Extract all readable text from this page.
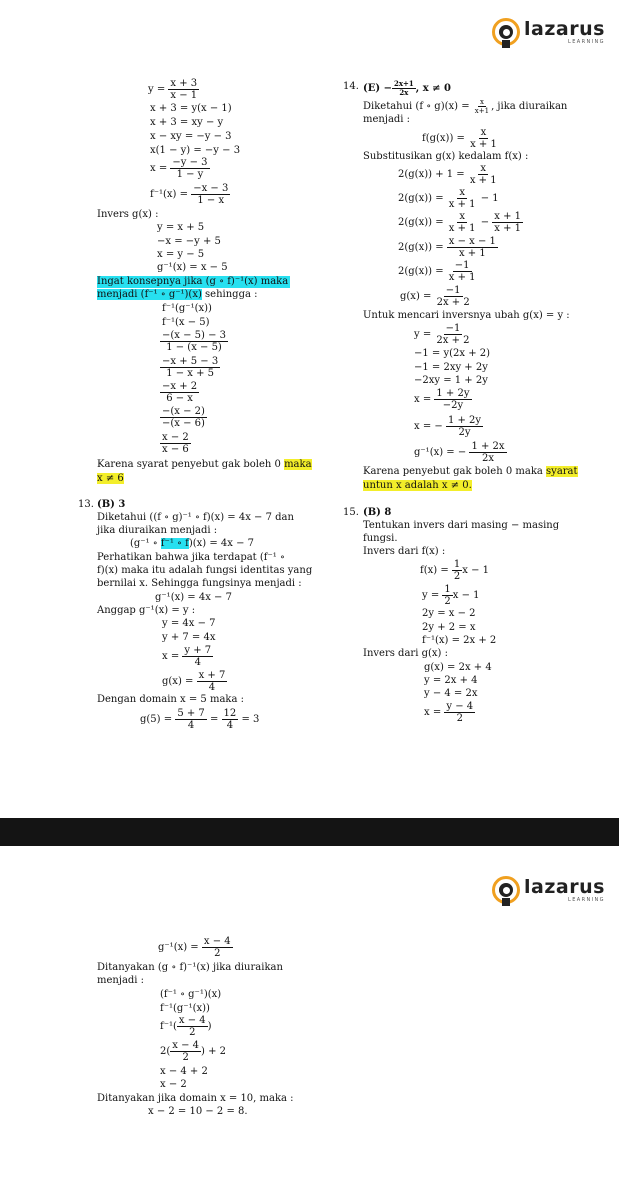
lazarus
LEARNING
$y = \frac{x + 3}{x - 1}$
x + 3 = y(x − 1)
x + 3 = xy − y
x − xy = −y − 3
x(1 − y) = −y − 3
$x = \frac{-y - 3}{1 - y}$
$f^{-1}(x) = \frac{-x - 3}{1 - x}$
Invers g(x) :
y = x + 5
−x = −y + 5
x = y − 5
g⁻¹(x) = x − 5
Ingat konsepnya jika (g ∘ f)⁻¹(x) maka
menjadi (f⁻¹ ∘ g⁻¹)(x) sehingga :
f⁻¹(g⁻¹(x))
f⁻¹(x − 5)
$\frac{-(x - 5) - 3}{1 - (x - 5)}$
$\frac{-x + 5 - 3}{1 - x + 5}$
$\frac{-x + 2}{6 - x}$
$\frac{-(x - 2)}{-(x - 6)}$
$\frac{x - 2}{x - 6}$
Karena syarat penyebut gak boleh 0 maka
x ≠ 6
13. (B) 3
Diketahui ((f ∘ g)⁻¹ ∘ f)(x) = 4x − 7 dan
jika diuraikan menjadi :
(g⁻¹ ∘ f⁻¹ ∘ f)(x) = 4x − 7
Perhatikan bahwa jika terdapat (f⁻¹ ∘
f)(x) maka itu adalah fungsi identitas yang
bernilai x. Sehingga fungsinya menjadi :
g⁻¹(x) = 4x − 7
Anggap g⁻¹(x) = y :
y = 4x − 7
y + 7 = 4x
$x = \frac{y + 7}{4}$
$g(x) = \frac{x + 7}{4}$
Dengan domain x = 5 maka :
$g(5) = \frac{5 + 7}{4} = \frac{12}{4} = 3$
14. $(E) - \frac{2x+1}{2x}$ , x ≠ 0
Diketahui (f ∘ $g)(x) = \frac{x}{x+1}$ , jika diuraikan
menjadi :
$f(g(x)) = \frac{x}{x + 1}$
Substitusikan g(x) kedalam f(x) :
$2(g(x)) + 1 = \frac{x}{x + 1}$
$2(g(x)) = \frac{x}{x + 1} - 1$
$2(g(x)) = \frac{x}{x + 1} - \frac{x + 1}{x + 1}$
$2(g(x)) = \frac{x - x - 1}{x + 1}$
$2(g(x)) = \frac{-1}{x + 1}$
$g(x) = \frac{-1}{2x + 2}$
Untuk mencari inversnya ubah g(x) = y :
$y = \frac{-1}{2x + 2}$
−1 = y(2x + 2)
−1 = 2xy + 2y
−2xy = 1 + 2y
$x = \frac{1 + 2y}{-2y}$
x = − $\frac{1 + 2y}{2y}$
g⁻¹(x) = − $\frac{1 + 2x}{2x}$
Karena penyebut gak boleh 0 maka syarat
untun x adalah x ≠ 0.
15. (B) 8
Tentukan invers dari masing − masing
fungsi.
Invers dari f(x) :
$f(x) = \frac{1}{2}$ x − 1
$y = \frac{1}{2}$ x − 1
2y = x − 2
2y + 2 = x
f⁻¹(x) = 2x + 2
Invers dari g(x) :
g(x) = 2x + 4
y = 2x + 4
y − 4 = 2x
$x = \frac{y - 4}{2}$
lazarus
LEARNING
$g^{-1}(x) = \frac{x - 4}{2}$
Ditanyakan (g ∘ f)⁻¹(x) jika diuraikan
menjadi :
(f⁻¹ ∘ g⁻¹)(x)
f⁻¹(g⁻¹(x))
$f^{-1}( \frac{x - 4}{2}$ )
$2( \frac{x - 4}{2}$ ) + 2
x − 4 + 2
x − 2
Ditanyakan jika domain x = 10, maka :
x − 2 = 10 − 2 = 8.
